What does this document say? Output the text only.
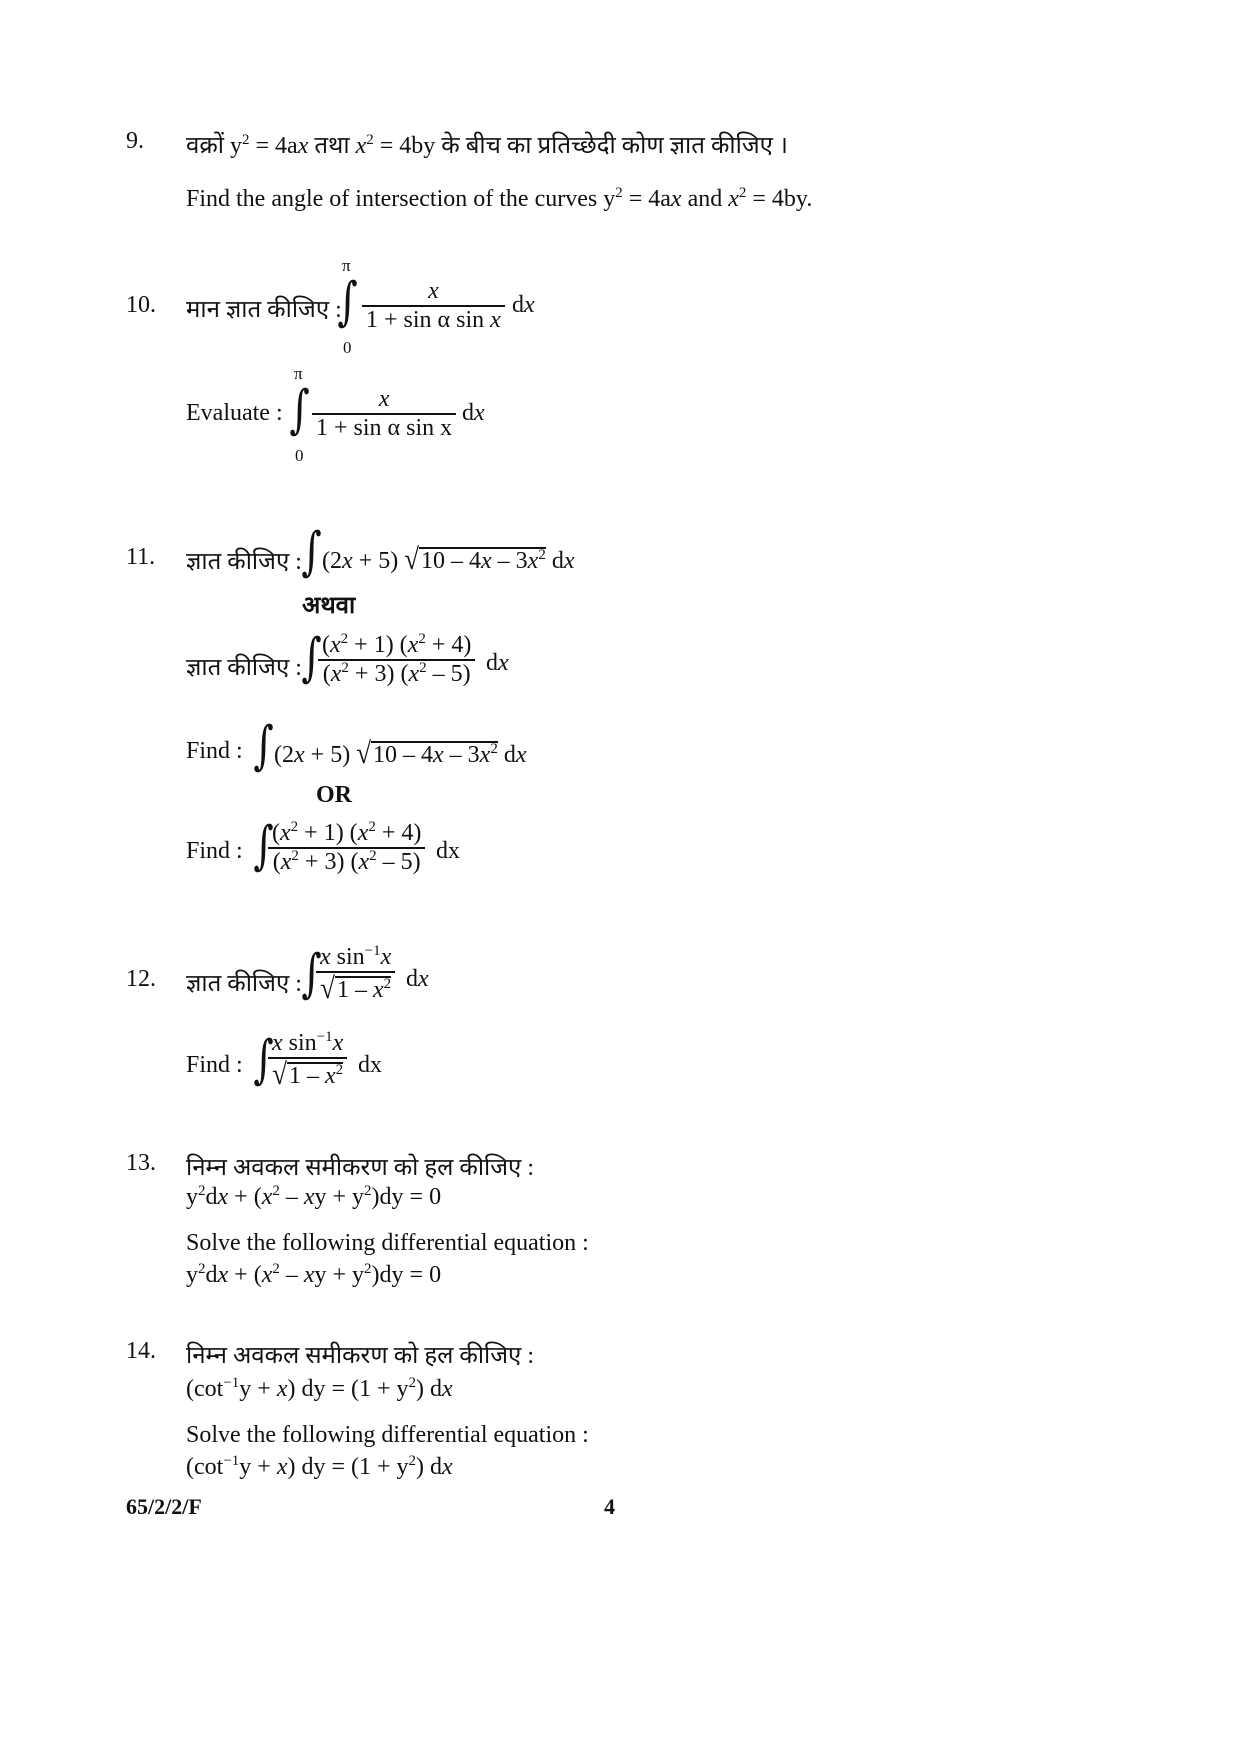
9. वक्रों $y^2 = 4ax$ तथा $x^2 = 4by$ के बीच का प्रतिच्छेदी कोण ज्ञात कीजिए ।
Find the angle of intersection of the curves $y^2 = 4ax$ and $x^2 = 4by$.
10. मान ज्ञात कीजिए :
π
∫
0
$\frac{x}{\text{1 + sin α sin x}}$ dx
Evaluate :
π
∫
0
$\frac{x}{\text{1 + sin α sin x}}$ dx
11. ज्ञात कीजिए : ∫ (2x + 5) $√10 - 4x - 3x^2$ dx
अथवा
ज्ञात कीजिए : ∫
$\frac{(x^2 + 1) (x^2 + 4)}{(x^2 + 3) (x^2 - 5)}$ dx
Find : ∫ (2x + 5) $√10 - 4x - 3x^2$ dx
OR
Find : ∫
$\frac{(x^2 + 1) (x^2 + 4)}{(x^2 + 3) (x^2 - 5)}$ dx
12. ज्ञात कीजिए : ∫
$\frac{x \sin^{-1}x}{√1 - x^2}$ dx
Find : ∫
$\frac{x \sin^{-1}x}{√1 - x^2}$ dx
13. निम्न अवकल समीकरण को हल कीजिए :
$y^2dx + (x^2$ – xy + $y^2)dy = 0$
Solve the following differential equation :
$y^2dx + (x^2$ – xy + $y^2)dy = 0$
14. निम्न अवकल समीकरण को हल कीजिए :
$(\cot^{-1}y + x)$ dy = $(1 + y^2)$ dx
Solve the following differential equation :
$(\cot^{-1}y + x)$ dy = $(1 + y^2)$ dx
65/2/2/F	4
